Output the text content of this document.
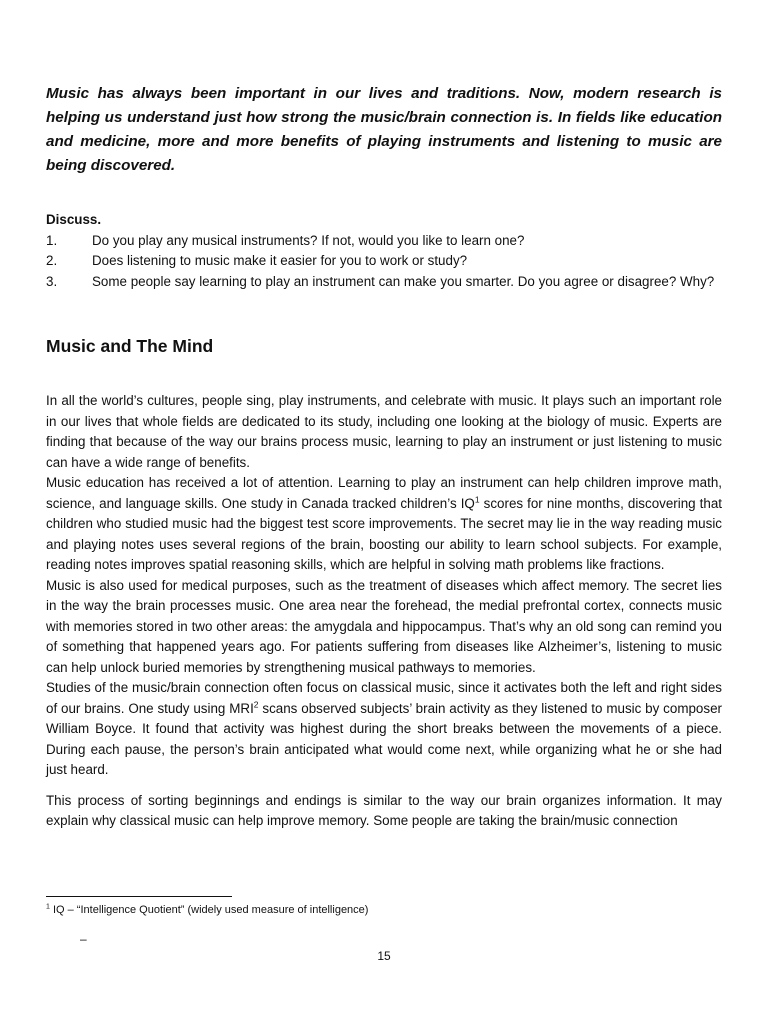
Music has always been important in our lives and traditions. Now, modern research is helping us understand just how strong the music/brain connection is. In fields like education and medicine, more and more benefits of playing instruments and listening to music are being discovered.

Discuss.

1.	Do you play any musical instruments? If not, would you like to learn one?
2.	Does listening to music make it easier for you to work or study?
3.	Some people say learning to play an instrument can make you smarter. Do you agree or disagree? Why?
Music and The Mind

In all the world’s cultures, people sing, play instruments, and celebrate with music. It plays such an important role in our lives that whole fields are dedicated to its study, including one looking at the biology of music. Experts are finding that because of the way our brains process music, learning to play an instrument or just listening to music can have a wide range of benefits.

Music education has received a lot of attention. Learning to play an instrument can help children improve math, science, and language skills. One study in Canada tracked children’s $IQ^1$ scores for nine months, discovering that children who studied music had the biggest test score improvements. The secret may lie in the way reading music and playing notes uses several regions of the brain, boosting our ability to learn school subjects. For example, reading notes improves spatial reasoning skills, which are helpful in solving math problems like fractions.

Music is also used for medical purposes, such as the treatment of diseases which affect memory. The secret lies in the way the brain processes music. One area near the forehead, the medial prefrontal cortex, connects music with memories stored in two other areas: the amygdala and hippocampus. That’s why an old song can remind you of something that happened years ago. For patients suffering from diseases like Alzheimer’s, listening to music can help unlock buried memories by strengthening musical pathways to memories.

Studies of the music/brain connection often focus on classical music, since it activates both the left and right sides of our brains. One study using MRI$^2$ scans observed subjects’ brain activity as they listened to music by composer William Boyce. It found that activity was highest during the short breaks between the movements of a piece. During each pause, the person’s brain anticipated what would come next, while organizing what he or she had just heard.

This process of sorting beginnings and endings is similar to the way our brain organizes information. It may explain why classical music can help improve memory. Some people are taking the brain/music connection

$^1$ IQ – “Intelligence Quotient” (widely used measure of intelligence)
–
15
